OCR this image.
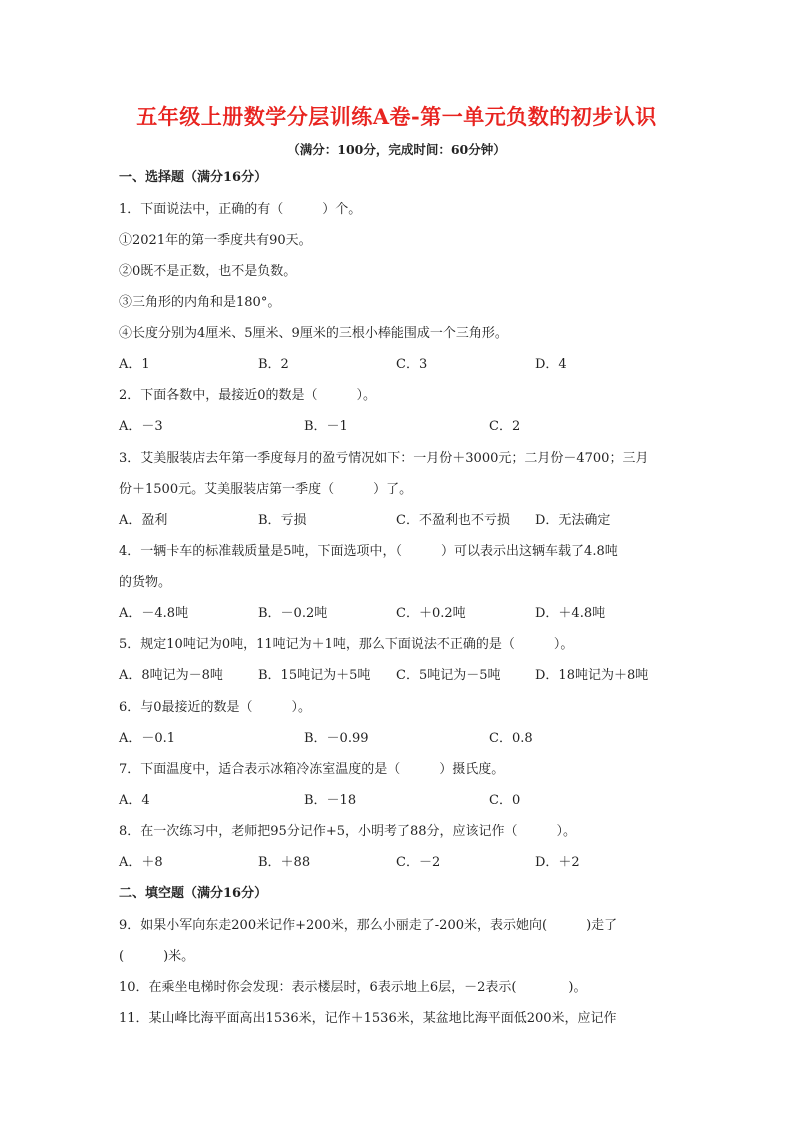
五年级上册数学分层训练A卷-第一单元负数的初步认识
（满分：100分，完成时间：60分钟）
一、选择题（满分16分）
1．下面说法中，正确的有（　　　）个。
①2021年的第一季度共有90天。
②0既不是正数，也不是负数。
③三角形的内角和是180°。
④长度分别为4厘米、5厘米、9厘米的三根小棒能围成一个三角形。
A．1	B．2	C．3	D．4
2．下面各数中，最接近0的数是（　　　）。
A．－3	B．－1	C．2
3．艾美服装店去年第一季度每月的盈亏情况如下：一月份＋3000元；二月份－4700；三月
份＋1500元。艾美服装店第一季度（　　　）了。
A．盈利	B．亏损	C．不盈利也不亏损 D．无法确定
4．一辆卡车的标准载质量是5吨，下面选项中，（　　　）可以表示出这辆车载了4.8吨
的货物。
A．－4.8吨	B．－0.2吨	C．＋0.2吨	D．＋4.8吨
5．规定10吨记为0吨，11吨记为＋1吨，那么下面说法不正确的是（　　　）。
A．8吨记为－8吨	B．15吨记为＋5吨 C．5吨记为－5吨	D．18吨记为＋8吨
6．与0最接近的数是（　　　）。
A．－0.1	B．－0.99	C．0.8
7．下面温度中，适合表示冰箱冷冻室温度的是（　　　）摄氏度。
A．4	B．－18	C．0
8．在一次练习中，老师把95分记作+5，小明考了88分，应该记作（　　　）。
A．＋8	B．＋88	C．－2	D．＋2
二、填空题（满分16分）
9．如果小军向东走200米记作+200米，那么小丽走了-200米，表示她向(　　　)走了
(　　　)米。
10．在乘坐电梯时你会发现：表示楼层时，6表示地上6层，－2表示(　　　　)。
11．某山峰比海平面高出1536米，记作＋1536米，某盆地比海平面低200米，应记作
